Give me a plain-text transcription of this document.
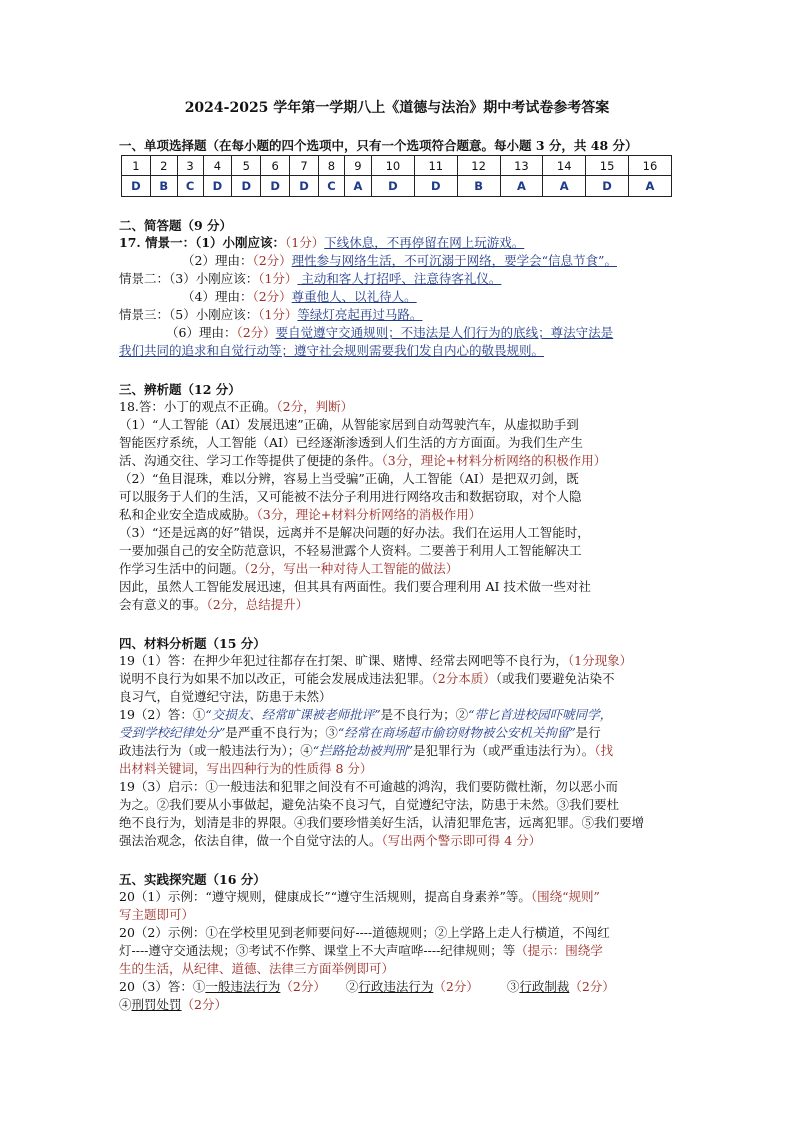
2024-2025 学年第一学期八上《道德与法治》期中考试卷参考答案
一、单项选择题（在每小题的四个选项中，只有一个选项符合题意。每小题 3 分，共 48 分）
1	2	3	4	5	6	7	8	9	10	11	12	13	14	15	16
D	B	C	D	D	D	D	C	A	D	D	B	A	A	D	A
二、简答题（9 分）
17. 情景一：（1）小刚应该：（1分）下线休息，不再停留在网上玩游戏。
（2）理由：（2分）理性参与网络生活，不可沉溺于网络，要学会“信息节食”。
情景二：（3）小刚应该：（1分） 主动和客人打招呼、注意待客礼仪。
（4）理由：（2分）尊重他人、以礼待人。
情景三：（5）小刚应该：（1分）等绿灯亮起再过马路。
（6）理由：（2分）要自觉遵守交通规则；不违法是人们行为的底线；尊法守法是
我们共同的追求和自觉行动等；遵守社会规则需要我们发自内心的敬畏规则。
三、辨析题（12 分）
18.答：小丁的观点不正确。（2分，判断）
（1）“人工智能（AI）发展迅速”正确，从智能家居到自动驾驶汽车，从虚拟助手到
智能医疗系统，人工智能（AI）已经逐渐渗透到人们生活的方方面面。为我们生产生
活、沟通交往、学习工作等提供了便捷的条件。（3分，理论+材料分析网络的积极作用）
（2）“鱼目混珠，难以分辨，容易上当受骗”正确，人工智能（AI）是把双刃剑，既
可以服务于人们的生活，又可能被不法分子利用进行网络攻击和数据窃取，对个人隐
私和企业安全造成威胁。（3分，理论+材料分析网络的消极作用）
（3）“还是远离的好”错误，远离并不是解决问题的好办法。我们在运用人工智能时，
一要加强自己的安全防范意识，不轻易泄露个人资料。二要善于利用人工智能解决工
作学习生活中的问题。（2分，写出一种对待人工智能的做法）
因此，虽然人工智能发展迅速，但其具有两面性。我们要合理利用 AI 技术做一些对社
会有意义的事。（2分，总结提升）
四、材料分析题（15 分）
19（1）答：在押少年犯过往都存在打架、旷课、赌博、经常去网吧等不良行为，（1分现象）
说明不良行为如果不加以改正，可能会发展成违法犯罪。（2分本质）（或我们要避免沾染不
良习气，自觉遵纪守法，防患于未然）
19（2）答：①“交损友、经常旷课被老师批评”是不良行为；②“带匕首进校园吓唬同学，
受到学校纪律处分”是严重不良行为；③“经常在商场超市偷窃财物被公安机关拘留”是行
政违法行为（或一般违法行为）；④“拦路抢劫被判刑”是犯罪行为（或严重违法行为）。（找
出材料关键词，写出四种行为的性质得 8 分）
19（3）启示：①一般违法和犯罪之间没有不可逾越的鸿沟，我们要防微杜渐，勿以恶小而
为之。②我们要从小事做起，避免沾染不良习气，自觉遵纪守法，防患于未然。③我们要杜
绝不良行为，划清是非的界限。④我们要珍惜美好生活，认清犯罪危害，远离犯罪。⑤我们要增
强法治观念，依法自律，做一个自觉守法的人。（写出两个警示即可得 4 分）
五、实践探究题（16 分）
20（1）示例：“遵守规则，健康成长”“遵守生活规则，提高自身素养”等。（围绕“规则”
写主题即可）
20（2）示例：①在学校里见到老师要问好----道德规则；②上学路上走人行横道，不闯红
灯----遵守交通法规；③考试不作弊、课堂上不大声喧哗----纪律规则；等（提示：围绕学
生的生活，从纪律、道德、法律三方面举例即可）
20（3）答：①一般违法行为（2分） ②行政违法行为（2分） ③行政制裁（2分）
④刑罚处罚（2分）
